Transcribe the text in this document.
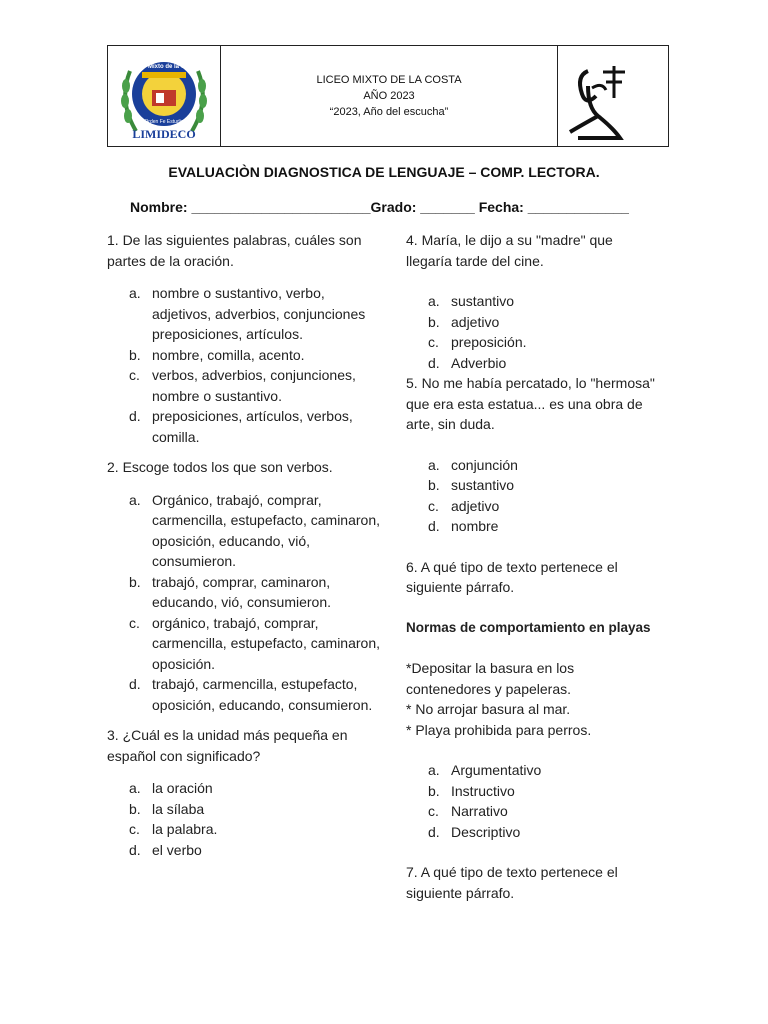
Liceo Mixto de la Costa
Orden Fe Estudio
LIMIDECO
LICEO MIXTO DE LA COSTA
AÑO 2023
“2023, Año del escucha”
EVALUACIÒN DIAGNOSTICA DE LENGUAJE – COMP. LECTORA.
Nombre: _______________________Grado: _______ Fecha: _____________

1. De las siguientes palabras, cuáles son partes de la oración.

a. nombre o sustantivo, verbo, adjetivos, adverbios, conjunciones preposiciones, artículos.
b. nombre, comilla, acento.
c. verbos, adverbios, conjunciones, nombre o sustantivo.
d. preposiciones, artículos, verbos, comilla.

2. Escoge todos los que son verbos.

a. Orgánico, trabajó, comprar, carmencilla, estupefacto, caminaron, oposición, educando, vió, consumieron.
b. trabajó, comprar, caminaron, educando, vió, consumieron.
c. orgánico, trabajó, comprar, carmencilla, estupefacto, caminaron, oposición.
d. trabajó, carmencilla, estupefacto, oposición, educando, consumieron.

3. ¿Cuál es la unidad más pequeña en español con significado?

a. la oración
b. la sílaba
c. la palabra.
d. el verbo

4. María, le dijo a su "madre" que llegaría tarde del cine.

a. sustantivo
b. adjetivo
c. preposición.
d. Adverbio

5. No me había percatado, lo "hermosa" que era esta estatua... es una obra de arte, sin duda.

a. conjunción
b. sustantivo
c. adjetivo
d. nombre

6. A qué tipo de texto pertenece el siguiente párrafo.

Normas de comportamiento en playas

*Depositar la basura en los contenedores y papeleras.

* No arrojar basura al mar.

* Playa prohibida para perros.

a. Argumentativo
b. Instructivo
c. Narrativo
d. Descriptivo

7. A qué tipo de texto pertenece el siguiente párrafo.
